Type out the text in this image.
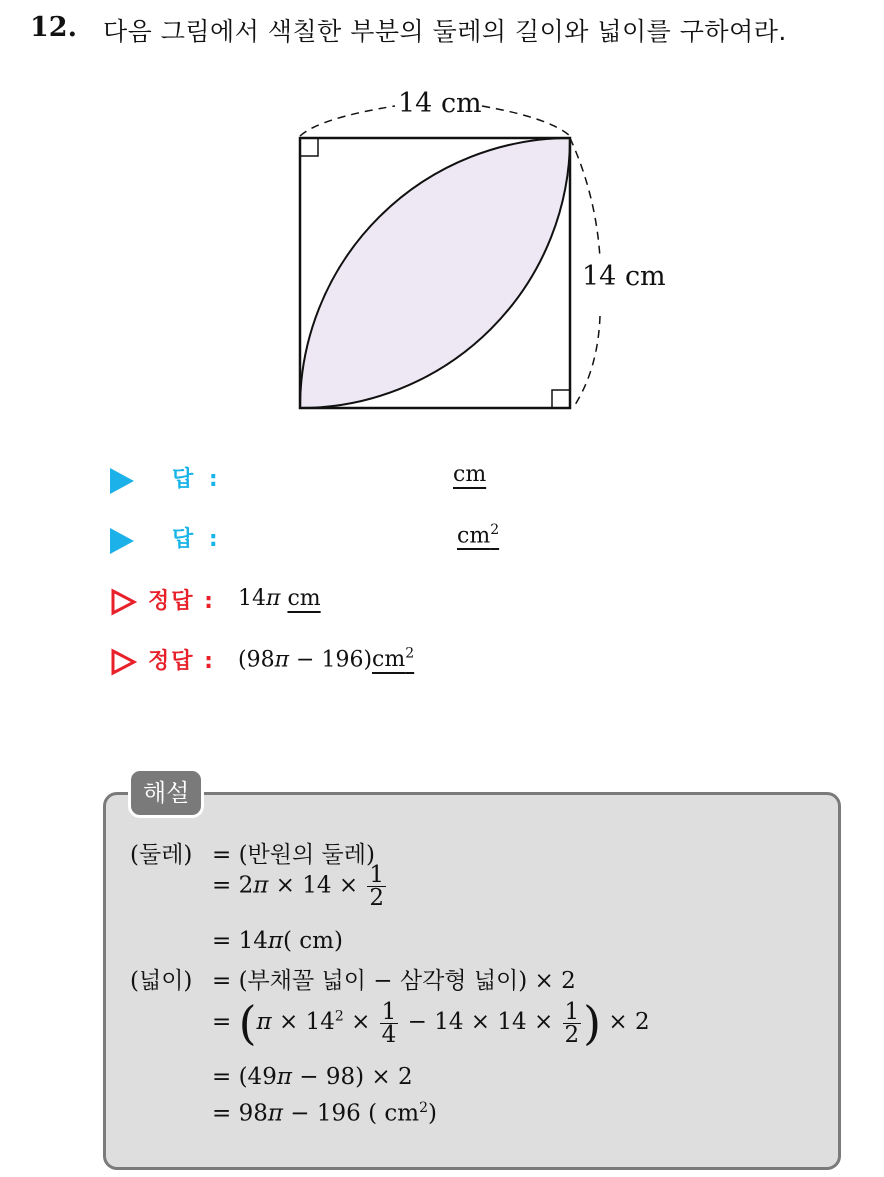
12. 다음 그림에서 색칠한 부분의 둘레의 길이와 넓이를 구하여라.
14 cm
14 cm
답 :	cm
답 :	$cm^2$
정답 : 14π cm
정답 : $(98\pi - 196)cm^2$
해설
(둘레) = (반원의 둘레)
= $2\pi \times 14 \times \frac{1}{2}$
= 14π( cm)
(넓이) = (부채꼴 넓이 − 삼각형 넓이) × 2
= ($\pi \times 14^2 \times \frac{1}{4} - 14 \times 14 \times \frac{1}{2}$ ) × 2
= (49π − 98) × 2
= 98π − 196 ( $cm^2$)
